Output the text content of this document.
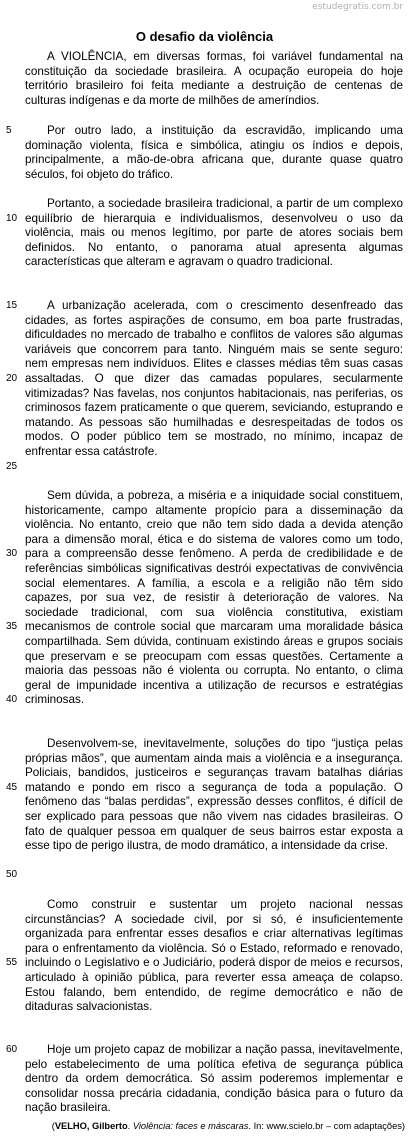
estudegratis.com.br
O desafio da violência

A VIOLÊNCIA, em diversas formas, foi variável fundamental na constituição da sociedade brasileira. A ocupação europeia do hoje território brasileiro foi feita mediante a destruição de centenas de culturas indígenas e da morte de milhões de ameríndios.

Por outro lado, a instituição da escravidão, implicando uma dominação violenta, física e simbólica, atingiu os índios e depois, principalmente, a mão-de-obra africana que, durante quase quatro séculos, foi objeto do tráfico.

Portanto, a sociedade brasileira tradicional, a partir de um complexo equilíbrio de hierarquia e individualismos, desenvolveu o uso da violência, mais ou menos legítimo, por parte de atores sociais bem definidos. No entanto, o panorama atual apresenta algumas características que alteram e agravam o quadro tradicional.

A urbanização acelerada, com o crescimento desenfreado das cidades, as fortes aspirações de consumo, em boa parte frustradas, dificuldades no mercado de trabalho e conflitos de valores são algumas variáveis que concorrem para tanto. Ninguém mais se sente seguro: nem empresas nem indivíduos. Elites e classes médias têm suas casas assaltadas. O que dizer das camadas populares, secularmente vitimizadas? Nas favelas, nos conjuntos habitacionais, nas periferias, os criminosos fazem praticamente o que querem, seviciando, estuprando e matando. As pessoas são humilhadas e desrespeitadas de todos os modos. O poder público tem se mostrado, no mínimo, incapaz de enfrentar essa catástrofe.

Sem dúvida, a pobreza, a miséria e a iniquidade social constituem, historicamente, campo altamente propício para a disseminação da violência. No entanto, creio que não tem sido dada a devida atenção para a dimensão moral, ética e do sistema de valores como um todo, para a compreensão desse fenômeno. A perda de credibilidade e de referências simbólicas significativas destrói expectativas de convivência social elementares. A família, a escola e a religião não têm sido capazes, por sua vez, de resistir à deterioração de valores. Na sociedade tradicional, com sua violência constitutiva, existiam mecanismos de controle social que marcaram uma moralidade básica compartilhada. Sem dúvida, continuam existindo áreas e grupos sociais que preservam e se preocupam com essas questões. Certamente a maioria das pessoas não é violenta ou corrupta. No entanto, o clima geral de impunidade incentiva a utilização de recursos e estratégias criminosas.

Desenvolvem-se, inevitavelmente, soluções do tipo “justiça pelas próprias mãos”, que aumentam ainda mais a violência e a insegurança. Policiais, bandidos, justiceiros e seguranças travam batalhas diárias matando e pondo em risco a segurança de toda a população. O fenômeno das “balas perdidas”, expressão desses conflitos, é difícil de ser explicado para pessoas que não vivem nas cidades brasileiras. O fato de qualquer pessoa em qualquer de seus bairros estar exposta a esse tipo de perigo ilustra, de modo dramático, a intensidade da crise.

Como construir e sustentar um projeto nacional nessas circunstâncias? A sociedade civil, por si só, é insuficientemente organizada para enfrentar esses desafios e criar alternativas legítimas para o enfrentamento da violência. Só o Estado, reformado e renovado, incluindo o Legislativo e o Judiciário, poderá dispor de meios e recursos, articulado à opinião pública, para reverter essa ameaça de colapso. Estou falando, bem entendido, de regime democrático e não de ditaduras salvacionistas.

Hoje um projeto capaz de mobilizar a nação passa, inevitavelmente, pelo estabelecimento de uma política efetiva de segurança pública dentro da ordem democrática. Só assim poderemos implementar e consolidar nossa precária cidadania, condição básica para o futuro da nação brasileira.

5
10
15
20
25
30
35
40
45
50
55
60
(VELHO, Gilberto. Violência: faces e máscaras. In: www.scielo.br – com adaptações)
